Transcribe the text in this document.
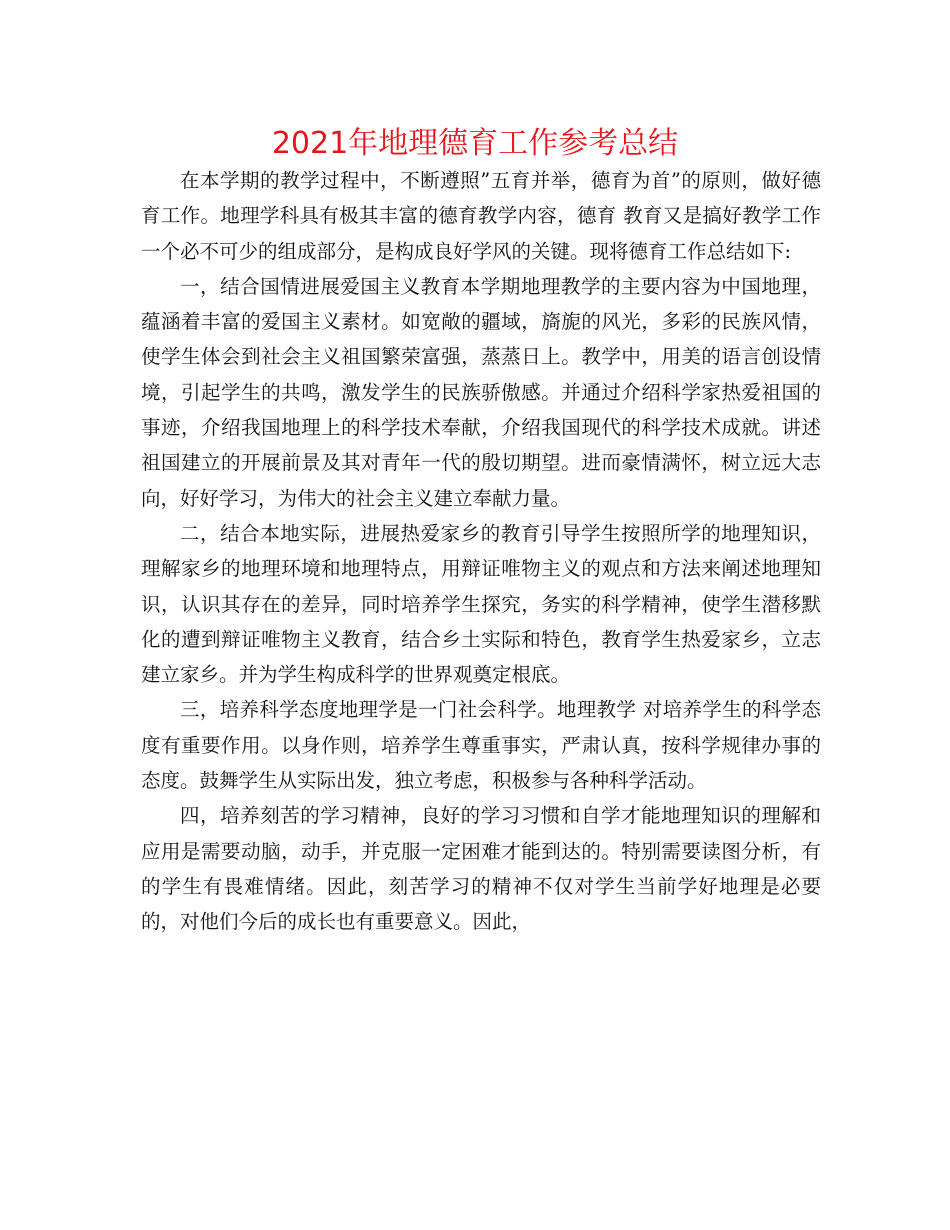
2021年地理德育工作参考总结

在本学期的教学过程中，不断遵照”五育并举，德育为首”的原则，做好德育工作。地理学科具有极其丰富的德育教学内容，德育 教育又是搞好教学工作一个必不可少的组成部分，是构成良好学风的关键。现将德育工作总结如下:

一，结合国情进展爱国主义教育本学期地理教学的主要内容为中国地理，蕴涵着丰富的爱国主义素材。如宽敞的疆域，旖旎的风光，多彩的民族风情，使学生体会到社会主义祖国繁荣富强，蒸蒸日上。教学中，用美的语言创设情境，引起学生的共鸣，激发学生的民族骄傲感。并通过介绍科学家热爱祖国的事迹，介绍我国地理上的科学技术奉献，介绍我国现代的科学技术成就。讲述祖国建立的开展前景及其对青年一代的殷切期望。进而豪情满怀，树立远大志向，好好学习，为伟大的社会主义建立奉献力量。

二，结合本地实际，进展热爱家乡的教育引导学生按照所学的地理知识，理解家乡的地理环境和地理特点，用辩证唯物主义的观点和方法来阐述地理知识，认识其存在的差异，同时培养学生探究，务实的科学精神，使学生潜移默化的遭到辩证唯物主义教育，结合乡土实际和特色，教育学生热爱家乡，立志建立家乡。并为学生构成科学的世界观奠定根底。

三，培养科学态度地理学是一门社会科学。地理教学 对培养学生的科学态度有重要作用。以身作则，培养学生尊重事实，严肃认真，按科学规律办事的态度。鼓舞学生从实际出发，独立考虑，积极参与各种科学活动。

四，培养刻苦的学习精神，良好的学习习惯和自学才能地理知识的理解和应用是需要动脑，动手，并克服一定困难才能到达的。特别需要读图分析，有的学生有畏难情绪。因此，刻苦学习的精神不仅对学生当前学好地理是必要的，对他们今后的成长也有重要意义。因此，
